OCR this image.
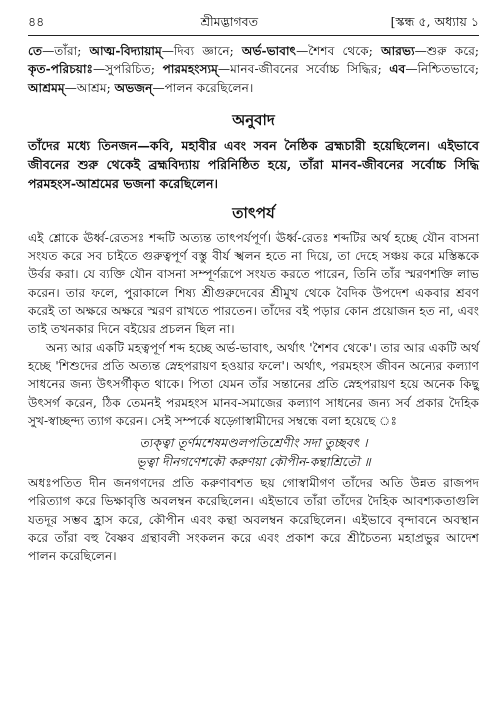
৪৪	শ্রীমদ্ভাগবত	[স্কন্ধ ৫, অধ্যায় ১

তে—তাঁরা; আত্ম-বিদ্যায়াম্—দিব্য জ্ঞানে; অর্ভ-ভাবাৎ—শৈশব থেকে; আরভ্য—শুরু করে; কৃত-পরিচয়াঃ—সুপরিচিত; পারমহংস্যম্—মানব-জীবনের সর্বোচ্চ সিদ্ধির; এব—নিশ্চিতভাবে; আশ্রমম্—আশ্রম; অভজন্—পালন করেছিলেন।

অনুবাদ

তাঁদের মধ্যে তিনজন—কবি, মহাবীর এবং সবন নৈষ্ঠিক ব্রহ্মচারী হয়েছিলেন। এইভাবে জীবনের শুরু থেকেই ব্রহ্মবিদ্যায় পরিনিষ্ঠিত হয়ে, তাঁরা মানব-জীবনের সর্বোচ্চ সিদ্ধি পরমহংস-আশ্রমের ভজনা করেছিলেন।

তাৎপর্য

এই শ্লোকে ঊর্ধ্ব-রেতসঃ শব্দটি অত্যন্ত তাৎপর্যপূর্ণ। ঊর্ধ্ব-রেতঃ শব্দটির অর্থ হচ্ছে যৌন বাসনা সংযত করে সব চাইতে গুরুত্বপূর্ণ বস্তু বীর্য স্খলন হতে না দিয়ে, তা দেহে সঞ্চয় করে মস্তিষ্ককে উর্বর করা। যে ব্যক্তি যৌন বাসনা সম্পূর্ণরূপে সংযত করতে পারেন, তিনি তাঁর স্মরণশক্তি লাভ করেন। তার ফলে, পুরাকালে শিষ্য শ্রীগুরুদেবের শ্রীমুখ থেকে বৈদিক উপদেশ একবার শ্রবণ করেই তা অক্ষরে অক্ষরে স্মরণ রাখতে পারতেন। তাঁদের বই পড়ার কোন প্রয়োজন হত না, এবং তাই তখনকার দিনে বইয়ের প্রচলন ছিল না।

অন্য আর একটি মহত্বপূর্ণ শব্দ হচ্ছে অর্ভ-ভাবাৎ, অর্থাৎ 'শৈশব থেকে'। তার আর একটি অর্থ হচ্ছে 'শিশুদের প্রতি অত্যন্ত স্নেহপরায়ণ হওয়ার ফলে'। অর্থাৎ, পরমহংস জীবন অন্যের কল্যাণ সাধনের জন্য উৎসর্গীকৃত থাকে। পিতা যেমন তাঁর সন্তানের প্রতি স্নেহপরায়ণ হয়ে অনেক কিছু উৎসর্গ করেন, ঠিক তেমনই পরমহংস মানব-সমাজের কল্যাণ সাধনের জন্য সর্ব প্রকার দৈহিক সুখ-স্বাচ্ছন্দ্য ত্যাগ করেন। সেই সম্পর্কে ষড়্গোস্বামীদের সম্বন্ধে বলা হয়েছে ঃ

ত্যক্ত্বা তূর্ণমশেষমণ্ডলপতিশ্রেণীং সদা তুচ্ছবৎ ।
ভূত্বা দীনগণেশকৌ করুণয়া কৌপীন-কন্থাশ্রিতৌ ॥

অধঃপতিত দীন জনগণদের প্রতি করুণাবশত ছয় গোস্বামীগণ তাঁদের অতি উন্নত রাজপদ পরিত্যাগ করে ভিক্ষাবৃত্তি অবলম্বন করেছিলেন। এইভাবে তাঁরা তাঁদের দৈহিক আবশ্যকতাগুলি যতদূর সম্ভব হ্রাস করে, কৌপীন এবং কন্থা অবলম্বন করেছিলেন। এইভাবে বৃন্দাবনে অবস্থান করে তাঁরা বহু বৈষ্ণব গ্রন্থাবলী সংকলন করে এবং প্রকাশ করে শ্রীচৈতন্য মহাপ্রভুর আদেশ পালন করেছিলেন।
